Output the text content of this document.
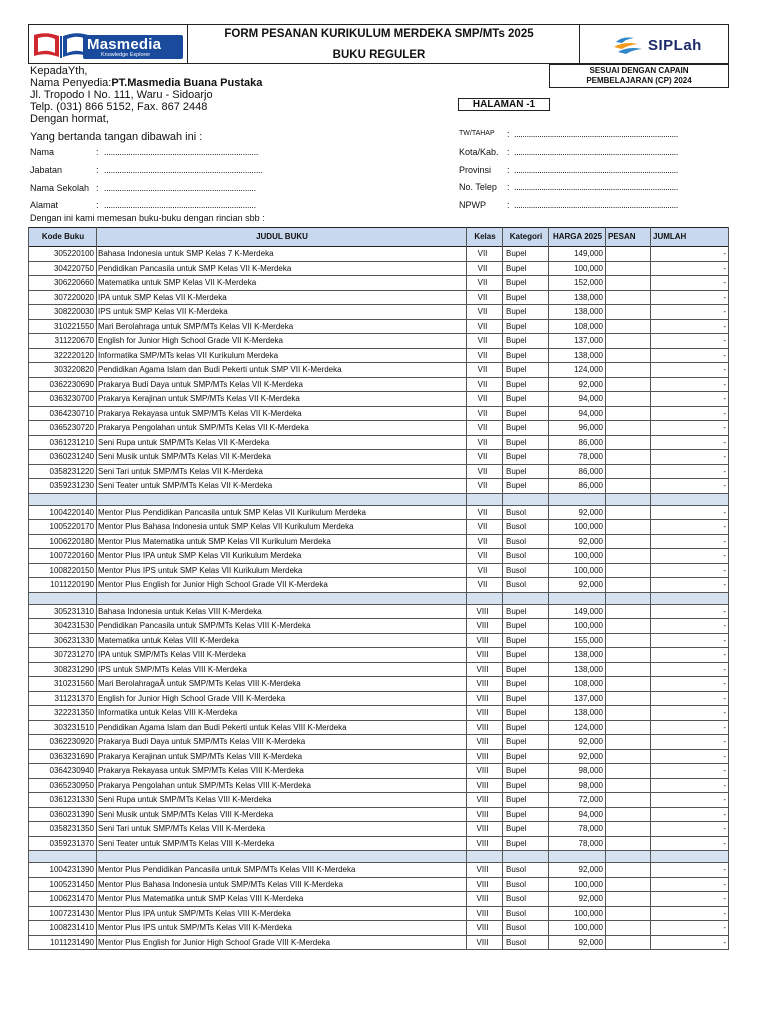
Masmedia
Knowledge Explorer
FORM PESANAN KURIKULUM MERDEKA SMP/MTs 2025
BUKU REGULER
SIPLah
KepadaYth,
Nama Penyedia:PT.Masmedia Buana Pustaka
Jl. Tropodo I No. 111, Waru - Sidoarjo
Telp. (031) 866 5152, Fax. 867 2448
Dengan hormat,
Yang bertanda tangan dibawah ini :
SESUAI DENGAN CAPAIN
PEMBELAJARAN (CP) 2024
HALAMAN -1
Nama	: ......................................................................
Jabatan	: ........................................................................
Nama Sekolah : .....................................................................
Alamat	: .....................................................................
TW/TAHAP : ..............................................................................
Kota/Kab. : ..............................................................................
Provinsi : ..............................................................................
No. Telep : ..............................................................................
NPWP : ..............................................................................
Dengan ini kami memesan buku-buku dengan rincian sbb :
Kode Buku	JUDUL BUKU	Kelas	Kategori	HARGA 2025 PESAN	JUMLAH
305220100 Bahasa Indonesia untuk SMP Kelas 7 K-Merdeka	VII	Bupel	149,000	-
304220750 Pendidikan Pancasila untuk SMP Kelas VII K-Merdeka	VII	Bupel	100,000	-
306220660 Matematika untuk SMP Kelas VII K-Merdeka	VII	Bupel	152,000	-
307220020 IPA untuk SMP Kelas VII K-Merdeka	VII	Bupel	138,000	-
308220030 IPS untuk SMP Kelas VII K-Merdeka	VII	Bupel	138,000	-
310221550 Mari Berolahraga untuk SMP/MTs Kelas VII K-Merdeka	VII	Bupel	108,000	-
311220670 English for Junior High School Grade VII K-Merdeka	VII	Bupel	137,000	-
322220120 Informatika SMP/MTs kelas VII Kurikulum Merdeka	VII	Bupel	138,000	-
303220820 Pendidikan Agama Islam dan Budi Pekerti untuk SMP VII K-Merdeka	VII	Bupel	124,000	-
0362230690 Prakarya Budi Daya untuk SMP/MTs Kelas VII K-Merdeka	VII	Bupel	92,000	-
0363230700 Prakarya Kerajinan untuk SMP/MTs Kelas VII K-Merdeka	VII	Bupel	94,000	-
0364230710 Prakarya Rekayasa untuk SMP/MTs Kelas VII K-Merdeka	VII	Bupel	94,000	-
0365230720 Prakarya Pengolahan untuk SMP/MTs Kelas VII K-Merdeka	VII	Bupel	96,000	-
0361231210 Seni Rupa untuk SMP/MTs Kelas VII K-Merdeka	VII	Bupel	86,000	-
0360231240 Seni Musik untuk SMP/MTs Kelas VII K-Merdeka	VII	Bupel	78,000	-
0358231220 Seni Tari untuk SMP/MTs Kelas VII K-Merdeka	VII	Bupel	86,000	-
0359231230 Seni Teater untuk SMP/MTs Kelas VII K-Merdeka	VII	Bupel	86,000	-
1004220140 Mentor Plus Pendidikan Pancasila untuk SMP Kelas VII Kurikulum Merdeka	VII	Busol	92,000	-
1005220170 Mentor Plus Bahasa Indonesia untuk SMP Kelas VII Kurikulum Merdeka	VII	Busol	100,000	-
1006220180 Mentor Plus Matematika untuk SMP Kelas VII Kurikulum Merdeka	VII	Busol	92,000	-
1007220160 Mentor Plus IPA untuk SMP Kelas VII Kurikulum Merdeka	VII	Busol	100,000	-
1008220150 Mentor Plus IPS untuk SMP Kelas VII Kurikulum Merdeka	VII	Busol	100,000	-
1011220190 Mentor Plus English for Junior High School Grade VII K-Merdeka	VII	Busol	92,000	-
305231310 Bahasa Indonesia untuk Kelas VIII K-Merdeka	VIII	Bupel	149,000	-
304231530 Pendidikan Pancasila untuk SMP/MTs Kelas VIII K-Merdeka	VIII	Bupel	100,000	-
306231330 Matematika untuk Kelas VIII K-Merdeka	VIII	Bupel	155,000	-
307231270 IPA untuk SMP/MTs Kelas VIII K-Merdeka	VIII	Bupel	138,000	-
308231290 IPS untuk SMP/MTs Kelas VIII K-Merdeka	VIII	Bupel	138,000	-
310231560 Mari BerolahragaÂ untuk SMP/MTs Kelas VIII K-Merdeka	VIII	Bupel	108,000	-
311231370 English for Junior High School Grade VIII K-Merdeka	VIII	Bupel	137,000	-
322231350 Informatika untuk Kelas VIII K-Merdeka	VIII	Bupel	138,000	-
303231510 Pendidikan Agama Islam dan Budi Pekerti untuk Kelas VIII K-Merdeka	VIII	Bupel	124,000	-
0362230920 Prakarya Budi Daya untuk SMP/MTs Kelas VIII K-Merdeka	VIII	Bupel	92,000	-
0363231690 Prakarya Kerajinan untuk SMP/MTs Kelas VIII K-Merdeka	VIII	Bupel	92,000	-
0364230940 Prakarya Rekayasa untuk SMP/MTs Kelas VIII K-Merdeka	VIII	Bupel	98,000	-
0365230950 Prakarya Pengolahan untuk SMP/MTs Kelas VIII K-Merdeka	VIII	Bupel	98,000	-
0361231330 Seni Rupa untuk SMP/MTs Kelas VIII K-Merdeka	VIII	Bupel	72,000	-
0360231390 Seni Musik untuk SMP/MTs Kelas VIII K-Merdeka	VIII	Bupel	94,000	-
0358231350 Seni Tari untuk SMP/MTs Kelas VIII K-Merdeka	VIII	Bupel	78,000	-
0359231370 Seni Teater untuk SMP/MTs Kelas VIII K-Merdeka	VIII	Bupel	78,000	-
1004231390 Mentor Plus Pendidikan Pancasila untuk SMP/MTs Kelas VIII K-Merdeka	VIII	Busol	92,000	-
1005231450 Mentor Plus Bahasa Indonesia untuk SMP/MTs Kelas VIII K-Merdeka	VIII	Busol	100,000	-
1006231470 Mentor Plus Matematika untuk SMP Kelas VIII K-Merdeka	VIII	Busol	92,000	-
1007231430 Mentor Plus IPA untuk SMP/MTs Kelas VIII K-Merdeka	VIII	Busol	100,000	-
1008231410 Mentor Plus IPS untuk SMP/MTs Kelas VIII K-Merdeka	VIII	Busol	100,000	-
1011231490 Mentor Plus English for Junior High School Grade VIII K-Merdeka	VIII	Busol	92,000	-
